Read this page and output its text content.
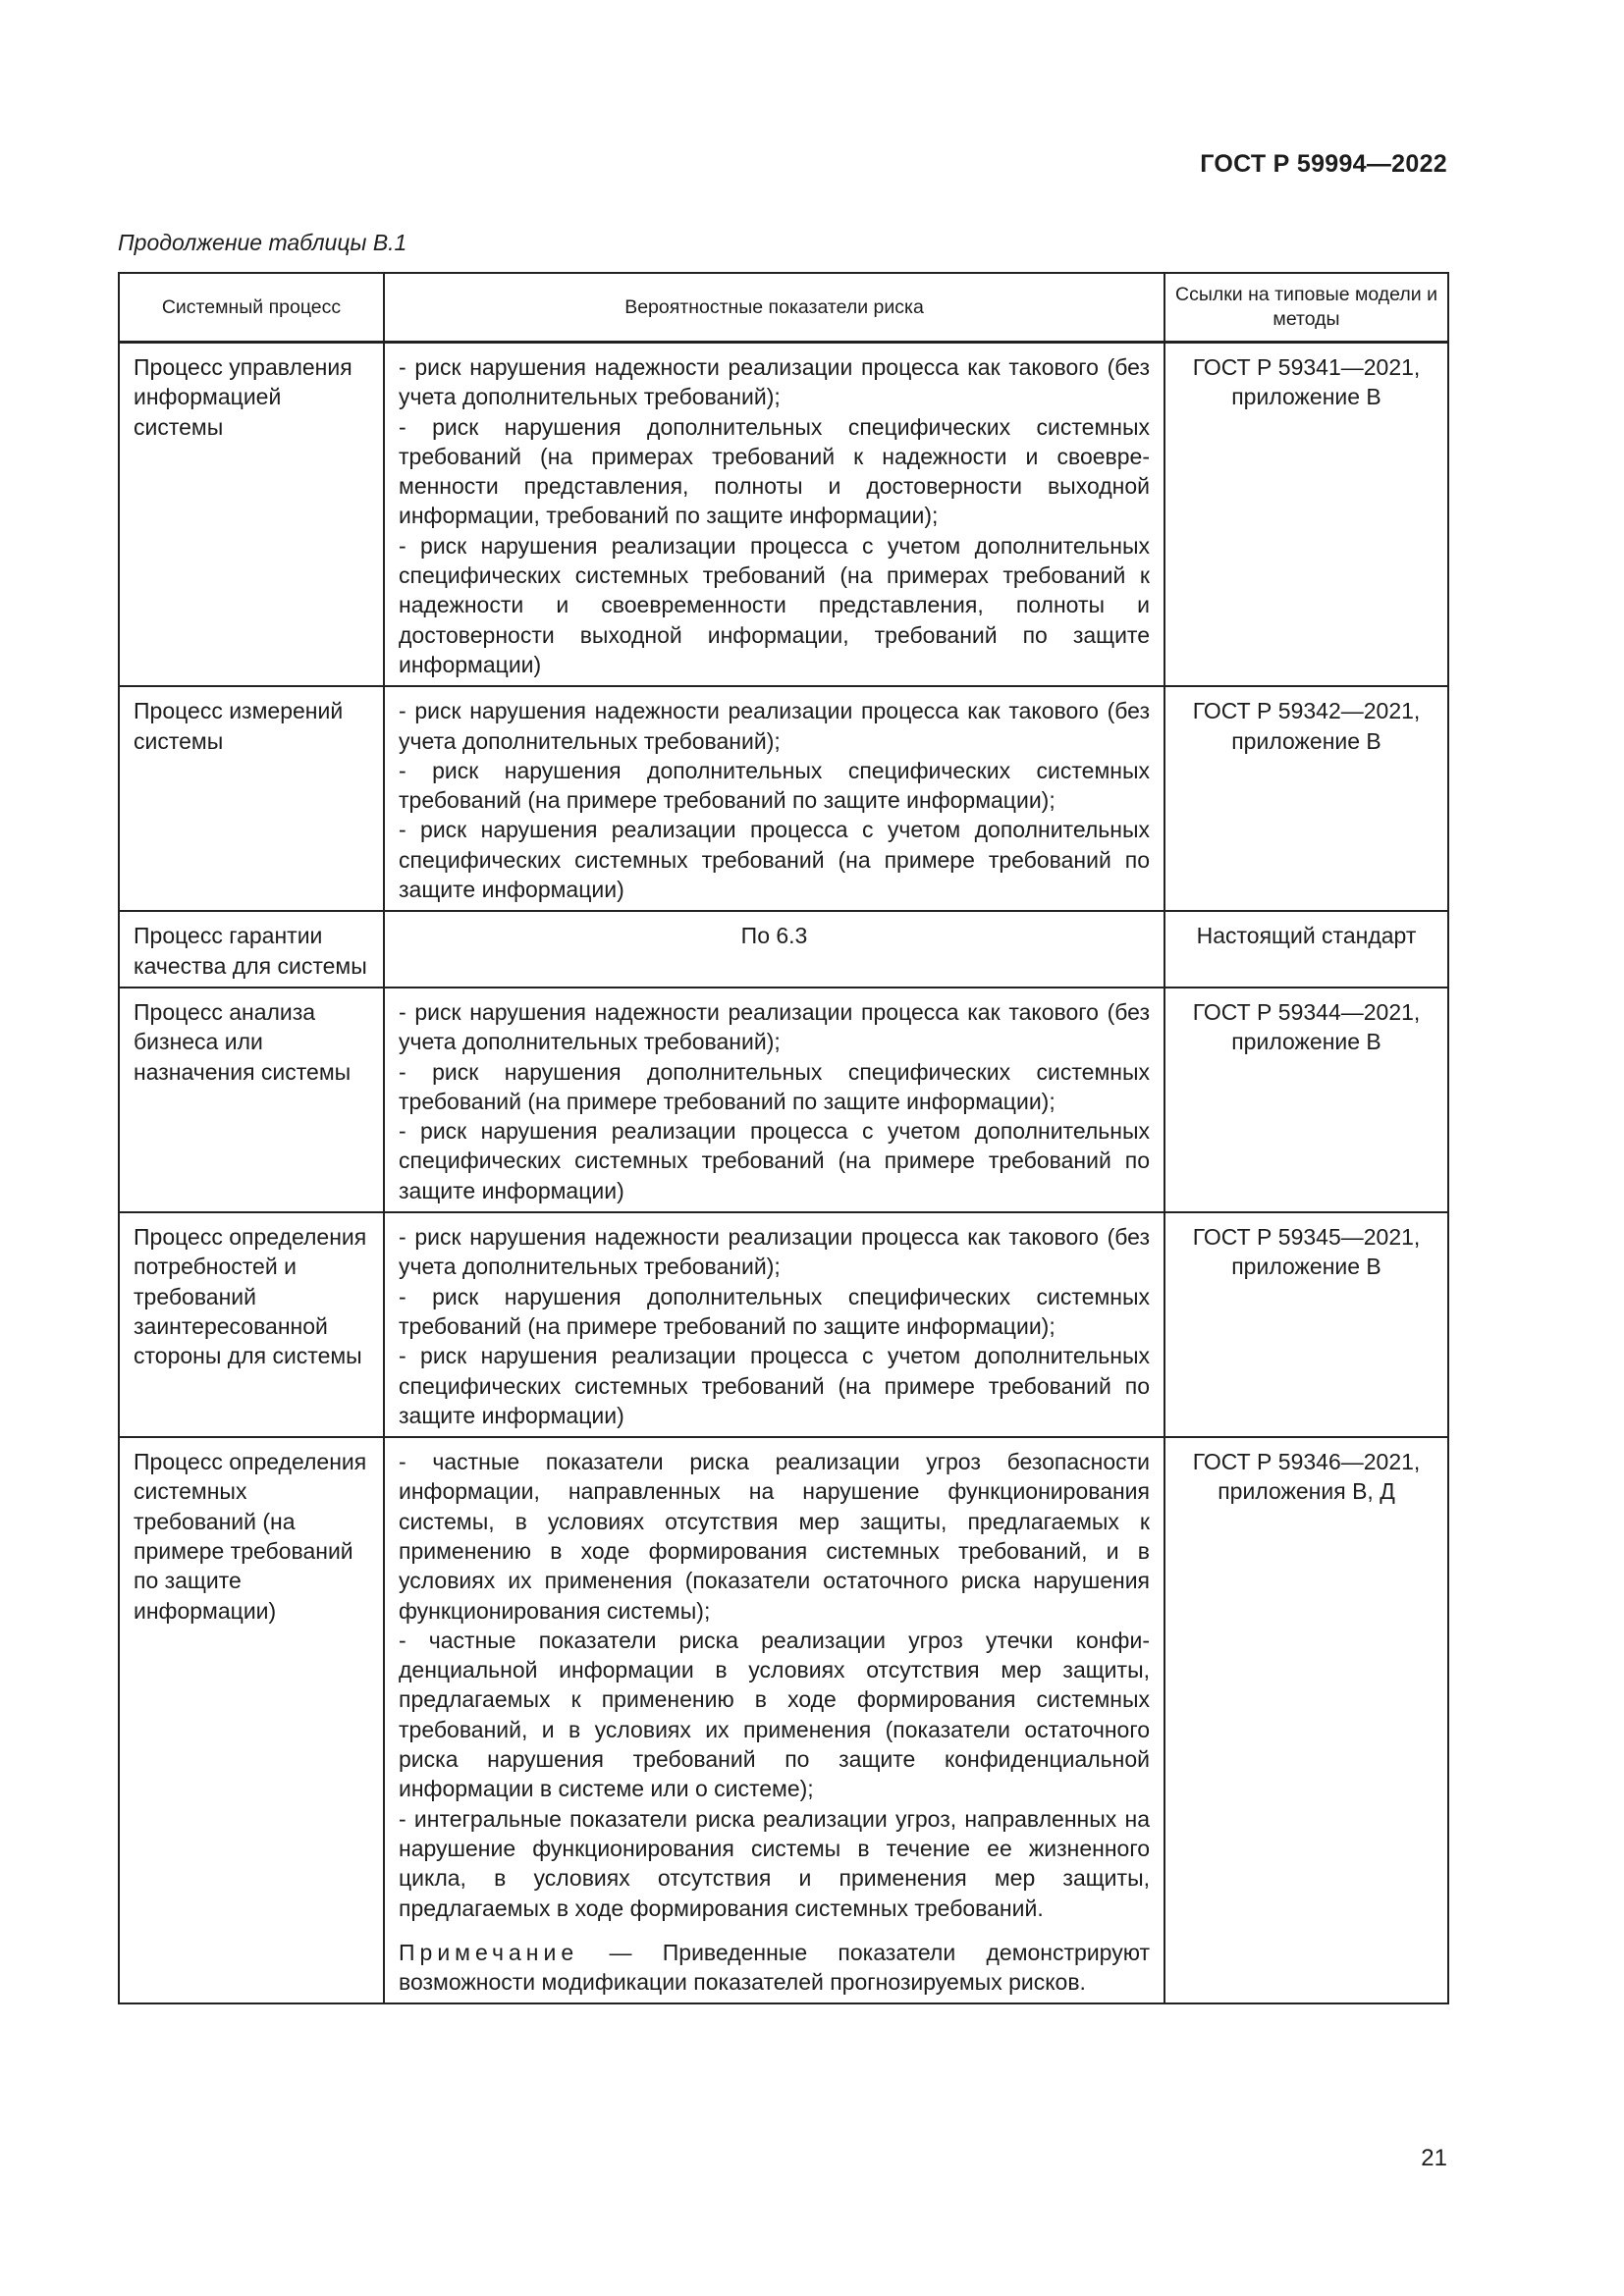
ГОСТ Р 59994—2022
Продолжение таблицы В.1
Системный процесс	Вероятностные показатели риска	Ссылки на типовые модели и методы
Процесс управления информацией системы	- риск нарушения надежности реализации процесса как такового (без учета дополнительных требований);
- риск нарушения дополнительных специфических системных требований (на примерах требований к надежности и своевременности представления, полноты и достоверности выходной информации, требований по защите информации);
- риск нарушения реализации процесса с учетом дополнительных специфических системных требований (на примерах требований к надежности и своевременности представления, полноты и достоверности выходной информации, требований по защите информации)	ГОСТ Р 59341—2021, приложение В
Процесс измерений системы	- риск нарушения надежности реализации процесса как такового (без учета дополнительных требований);
- риск нарушения дополнительных специфических системных требований (на примере требований по защите информации);
- риск нарушения реализации процесса с учетом дополнительных специфических системных требований (на примере требований по защите информации)	ГОСТ Р 59342—2021, приложение В
Процесс гарантии качества для системы	По 6.3	Настоящий стандарт
Процесс анализа бизнеса или назначения системы	- риск нарушения надежности реализации процесса как такового (без учета дополнительных требований);
- риск нарушения дополнительных специфических системных требований (на примере требований по защите информации);
- риск нарушения реализации процесса с учетом дополнительных специфических системных требований (на примере требований по защите информации)	ГОСТ Р 59344—2021, приложение В
Процесс определения потребностей и требований заинтересованной стороны для системы	- риск нарушения надежности реализации процесса как такового (без учета дополнительных требований);
- риск нарушения дополнительных специфических системных требований (на примере требований по защите информации);
- риск нарушения реализации процесса с учетом дополнительных специфических системных требований (на примере требований по защите информации)	ГОСТ Р 59345—2021, приложение В
Процесс определения системных требований (на примере требований по защите информации)	- частные показатели риска реализации угроз безопасности информации, направленных на нарушение функционирования системы, в условиях отсутствия мер защиты, предлагаемых к применению в ходе формирования системных требований, и в условиях их применения (показатели остаточного риска нарушения функционирования системы);
- частные показатели риска реализации угроз утечки конфиденциальной информации в условиях отсутствия мер защиты, предлагаемых к применению в ходе формирования системных требований, и в условиях их применения (показатели остаточного риска нарушения требований по защите конфиденциальной информации в системе или о системе);
- интегральные показатели риска реализации угроз, направленных на нарушение функционирования системы в течение ее жизненного цикла, в условиях отсутствия и применения мер защиты, предлагаемых в ходе формирования системных требований.
Примечание — Приведенные показатели демонстрируют возможности модификации показателей прогнозируемых рисков.	ГОСТ Р 59346—2021, приложения В, Д
21
